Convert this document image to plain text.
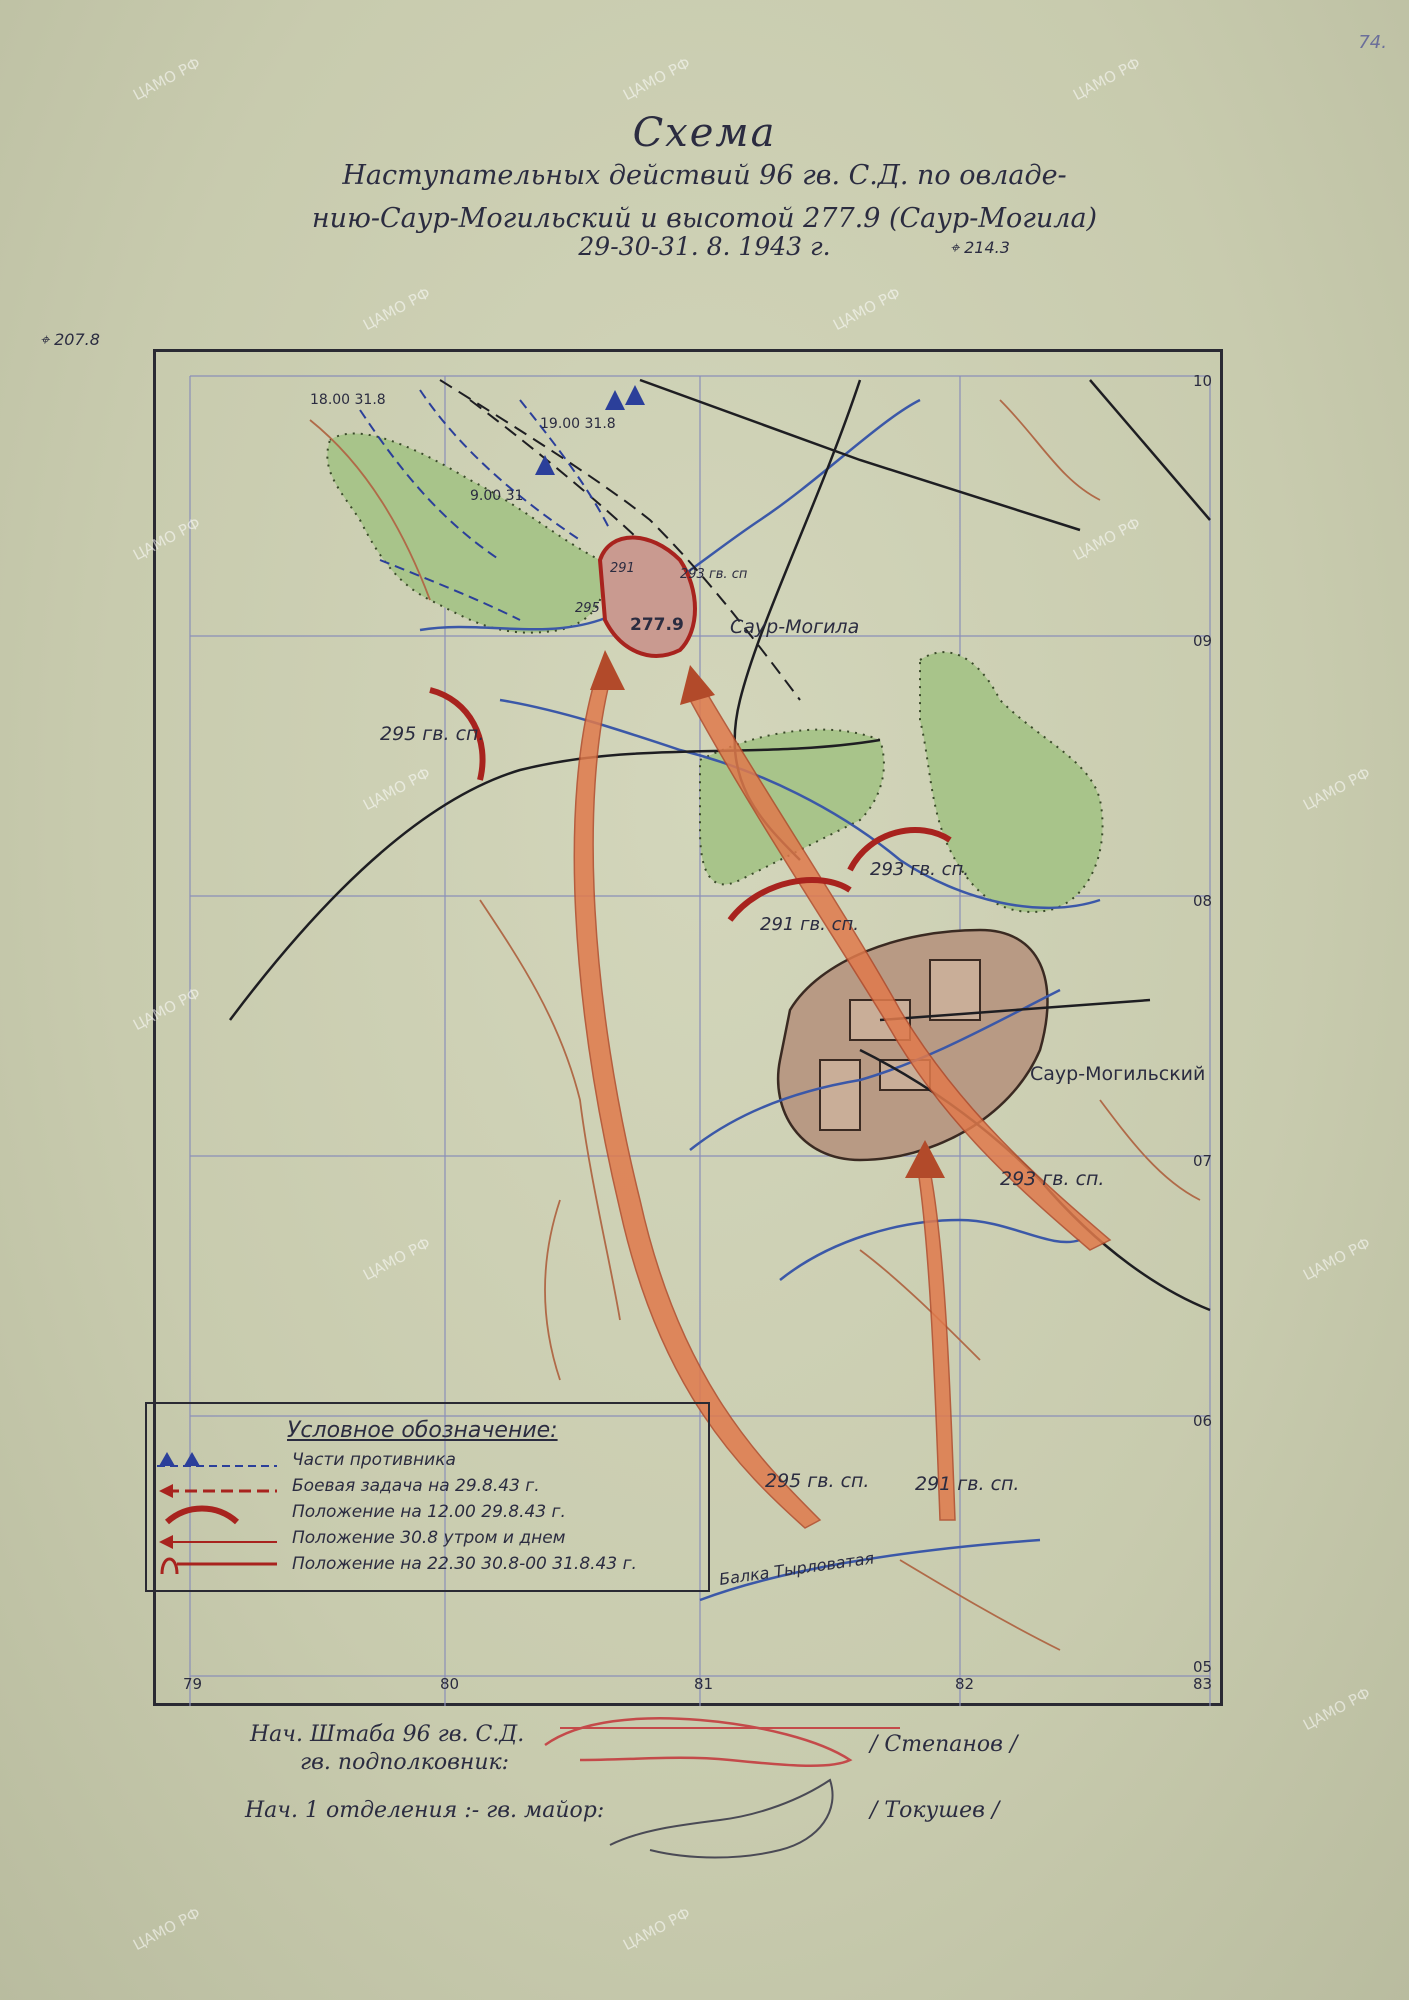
74.
Схема
Наступательных действий 96 гв. С.Д. по овладе-
нию-Саур-Могильский и высотой 277.9 (Саур-Могила)
29-30-31. 8. 1943 г.
⌖ 207.8
⌖ 214.3
Балка Тырловатая
277.9 Саур-Могила
18.00 31.8
19.00 31.8
9.00 31
295 гв. сп.
291 гв. сп.
293 гв. сп.
293 гв. сп.
295 гв. сп. 291 гв. сп.
291	293 гв. сп
295
Саур-Могильский
79	80	81	82	83
10
09
08
07
06
05
Условное обозначение:
Части противника
Боевая задача на 29.8.43 г.
Положение на 12.00 29.8.43 г.
Положение 30.8 утром и днем
Положение на 22.30 30.8-00 31.8.43 г.
Нач. Штаба 96 гв. С.Д.
гв. подполковник:
/ Степанов /
Нач. 1 отделения :- гв. майор:	/ Токушев /
ЦАМО РФ	ЦАМО РФ	ЦАМО РФ
ЦАМО РФ	ЦАМО РФ
ЦАМО РФ	ЦАМО РФ
ЦАМО РФ	ЦАМО РФ
ЦАМО РФ
ЦАМО РФ	ЦАМО РФ
ЦАМО РФ
ЦАМО РФ	ЦАМО РФ
